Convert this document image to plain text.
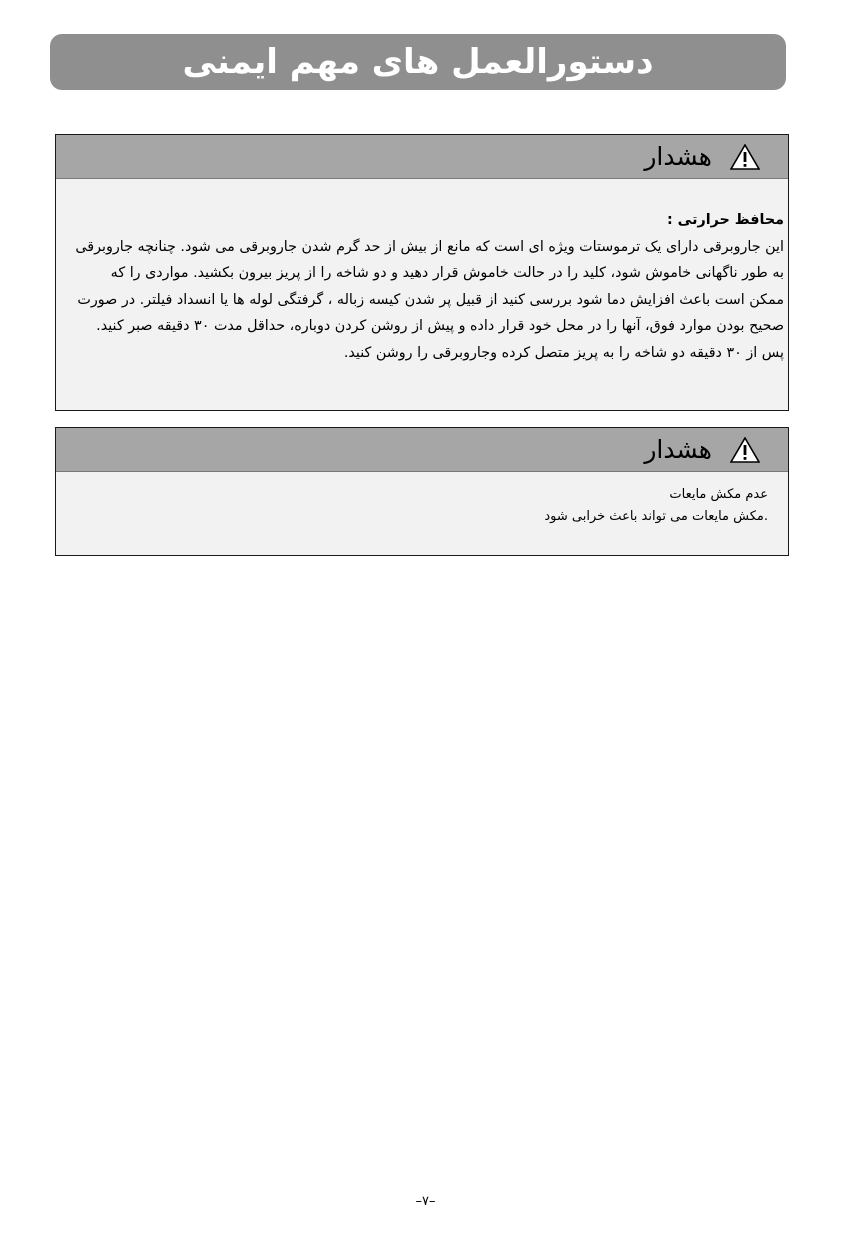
دستورالعمل های مهم ایمنی
هشدار
محافظ حرارتی :
این جاروبرقی دارای یک ترموستات ویژه ای است که مانع از بیش از حد گرم شدن جاروبرقی می شود. چنانچه جاروبرقی
به طور ناگهانی خاموش شود، کلید را در حالت خاموش قرار دهید و دو شاخه را از پریز بیرون بکشید. مواردی را که
ممکن است باعث افزایش دما شود بررسی کنید از قبیل پر شدن کیسه زباله ، گرفتگی لوله ها یا انسداد فیلتر. در صورت
صحیح بودن موارد فوق، آنها را در محل خود قرار داده و پیش از روشن کردن دوباره، حداقل مدت ۳۰ دقیقه صبر کنید.
پس از ۳۰ دقیقه دو شاخه را به پریز متصل کرده وجاروبرقی را روشن کنید.
هشدار
عدم مکش مایعات
.مکش مایعات می تواند باعث خرابی شود
–۷–
